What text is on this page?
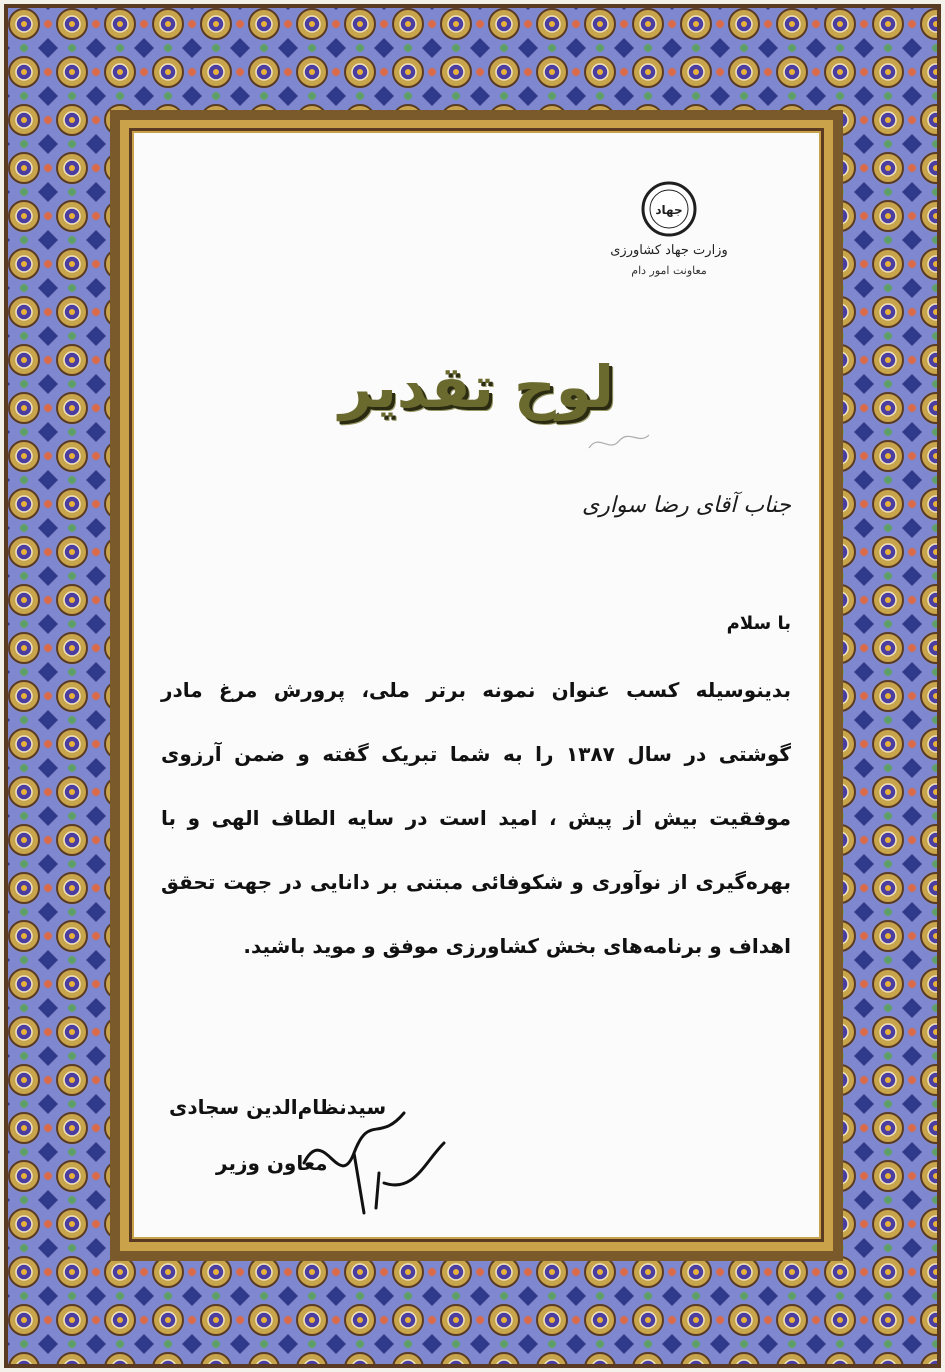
جهاد
وزارت جهاد کشاورزی
معاونت امور دام
لوح تقدیر
جناب آقای رضا سواری
با سلام
بدینوسیله کسب عنوان نمونه برتر ملی، پرورش مرغ مادر گوشتی در سال ۱۳۸۷ را به شما تبریک گفته و ضمن آرزوی موفقیت بیش از پیش ، امید است در سایه الطاف الهی و با بهره‌گیری از نوآوری و شکوفائی مبتنی بر دانایی در جهت تحقق اهداف و برنامه‌های بخش کشاورزی موفق و موید باشید.
سیدنظام‌الدین سجادی
معاون وزیر
